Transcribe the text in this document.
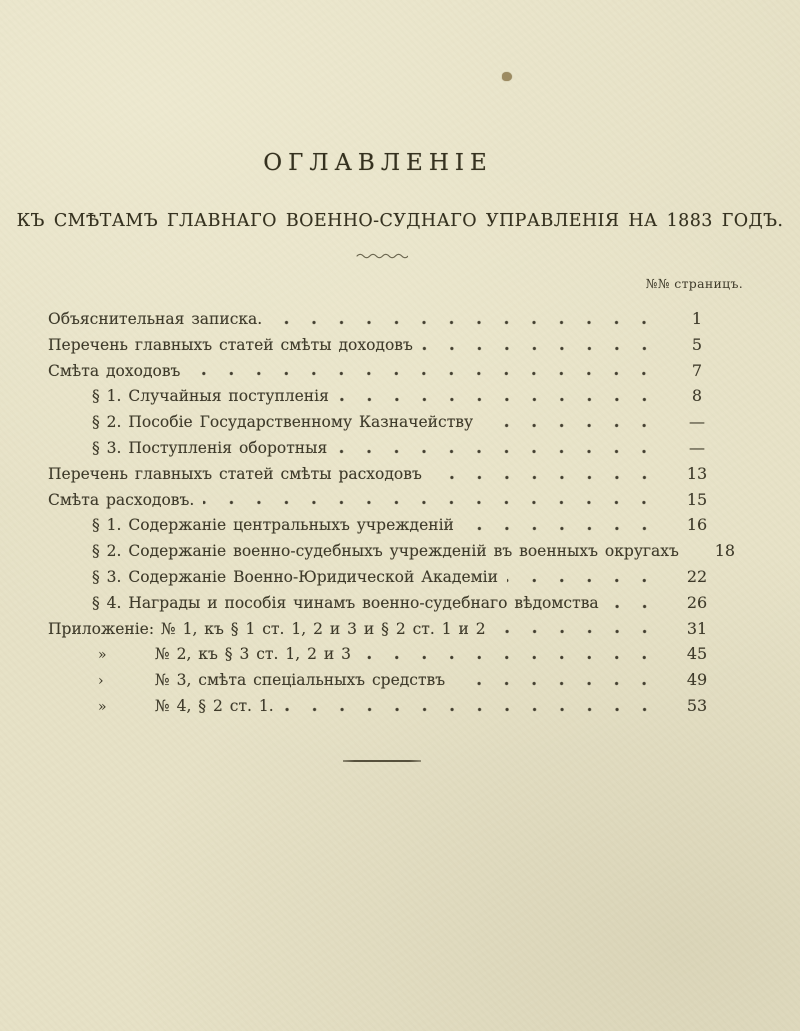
ОГЛАВЛЕНІЕ
КЪ СМѢТАМЪ ГЛАВНАГО ВОЕННО-СУДНАГО УПРАВЛЕНІЯ НА 1883 ГОДЪ.
№№ страницъ.
Объяснительная записка.	1
Перечень главныхъ статей смѣты доходовъ	5
Смѣта доходовъ	7
§ 1. Случайныя поступленія	8
§ 2. Пособіе Государственному Казначейству	—
§ 3. Поступленія оборотныя	—
Перечень главныхъ статей смѣты расходовъ	13
Смѣта расходовъ.	15
§ 1. Содержаніе центральныхъ учрежденій	16
§ 2. Содержаніе военно-судебныхъ учрежденій въ военныхъ округахъ	18
§ 3. Содержаніе Военно-Юридической Академіи	22
§ 4. Награды и пособія чинамъ военно-судебнаго вѣдомства	26
Приложеніе: № 1, къ § 1 ст. 1, 2 и 3 и § 2 ст. 1 и 2	31
»	№ 2, къ § 3 ст. 1, 2 и 3	45
›	№ 3, смѣта спеціальныхъ средствъ	49
»	№ 4, § 2 ст. 1.	53
